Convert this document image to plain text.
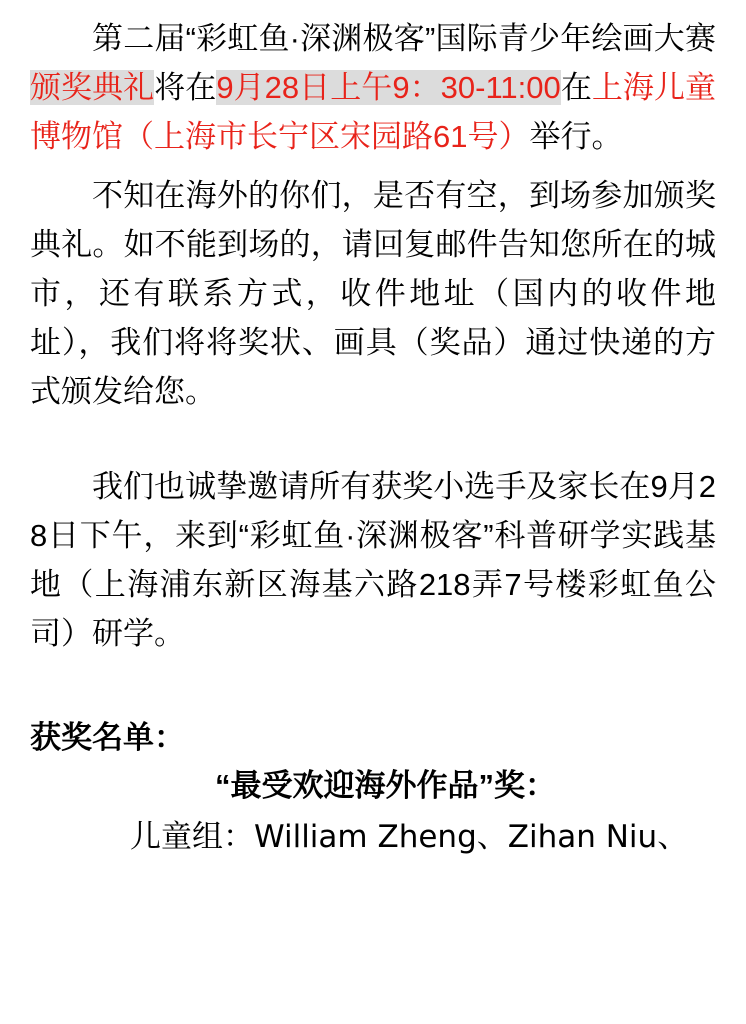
第二届“彩虹鱼·深渊极客”国际青少年绘画大赛颁奖典礼将在9月28日上午9：30-11:00在上海儿童博物馆（上海市长宁区宋园路61号）举行。

不知在海外的你们，是否有空，到场参加颁奖典礼。如不能到场的，请回复邮件告知您所在的城市，还有联系方式，收件地址（国内的收件地址），我们将将奖状、画具（奖品）通过快递的方式颁发给您。

我们也诚挚邀请所有获奖小选手及家长在9月28日下午，来到“彩虹鱼·深渊极客”科普研学实践基地（上海浦东新区海基六路218弄7号楼彩虹鱼公司）研学。

获奖名单：

“最受欢迎海外作品”奖：

儿童组：William Zheng、Zihan Niu、
